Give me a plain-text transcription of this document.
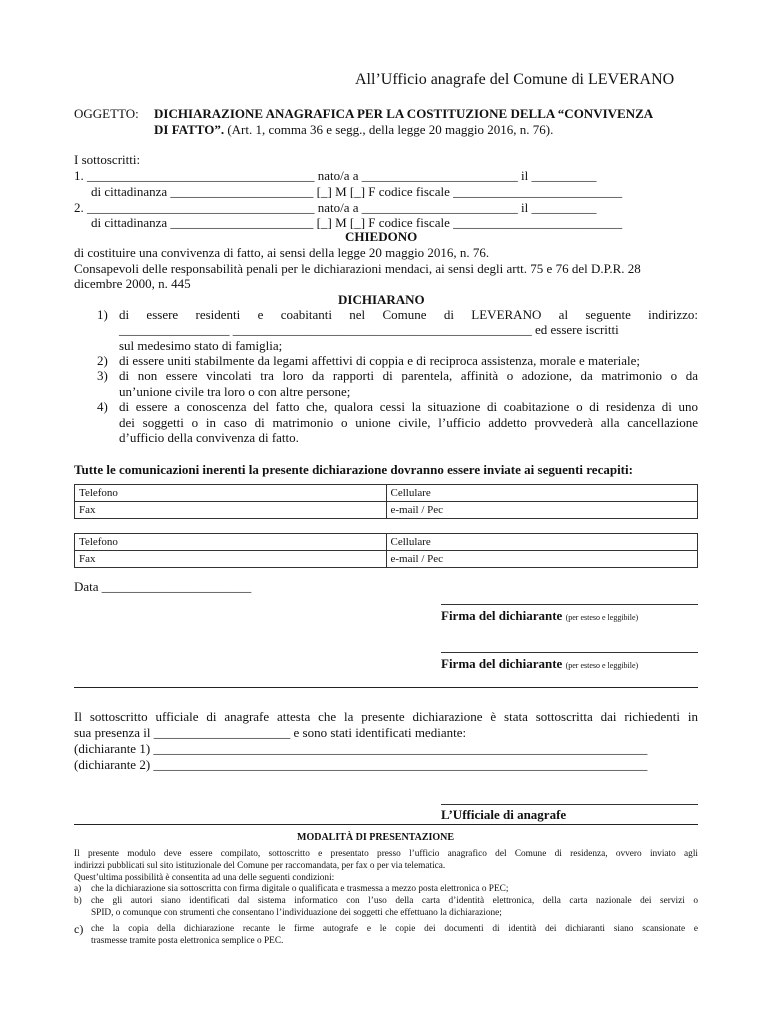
All’Ufficio anagrafe del Comune di LEVERANO
OGGETTO: DICHIARAZIONE ANAGRAFICA PER LA COSTITUZIONE DELLA “CONVIVENZA
DI FATTO”. (Art. 1, comma 36 e segg., della legge 20 maggio 2016, n. 76).
I sottoscritti:
1. ___________________________________ nato/a a ________________________ il __________
di cittadinanza ______________________ [_] M [_] F codice fiscale __________________________
2. ___________________________________ nato/a a ________________________ il __________
di cittadinanza ______________________ [_] M [_] F codice fiscale __________________________
CHIEDONO
di costituire una convivenza di fatto, ai sensi della legge 20 maggio 2016, n. 76.
Consapevoli delle responsabilità penali per le dichiarazioni mendaci, ai sensi degli artt. 75 e 76 del D.P.R. 28
dicembre 2000, n. 445
DICHIARANO
1) di essere residenti e coabitanti nel Comune di LEVERANO al seguente indirizzo:
_________________ ______________________________________________ ed essere iscritti
sul medesimo stato di famiglia;
2) di essere uniti stabilmente da legami affettivi di coppia e di reciproca assistenza, morale e materiale;
3) di non essere vincolati tra loro da rapporti di parentela, affinità o adozione, da matrimonio o da
un’unione civile tra loro o con altre persone;
4) di essere a conoscenza del fatto che, qualora cessi la situazione di coabitazione o di residenza di uno
dei soggetti o in caso di matrimonio o unione civile, l’ufficio addetto provvederà alla cancellazione
d’ufficio della convivenza di fatto.
Tutte le comunicazioni inerenti la presente dichiarazione dovranno essere inviate ai seguenti recapiti:
Telefono	Cellulare
Fax	e-mail / Pec
Telefono	Cellulare
Fax	e-mail / Pec
Data _______________________
Firma del dichiarante (per esteso e leggibile)
Firma del dichiarante (per esteso e leggibile)
Il sottoscritto ufficiale di anagrafe attesta che la presente dichiarazione è stata sottoscritta dai richiedenti in
sua presenza il _____________________ e sono stati identificati mediante:
(dichiarante 1) ____________________________________________________________________________
(dichiarante 2) ____________________________________________________________________________
L’Ufficiale di anagrafe
MODALITÀ DI PRESENTAZIONE
Il presente modulo deve essere compilato, sottoscritto e presentato presso l’ufficio anagrafico del Comune di residenza, ovvero inviato agli
indirizzi pubblicati sul sito istituzionale del Comune per raccomandata, per fax o per via telematica.
Quest’ultima possibilità è consentita ad una delle seguenti condizioni:
a) che la dichiarazione sia sottoscritta con firma digitale o qualificata e trasmessa a mezzo posta elettronica o PEC;
b) che gli autori siano identificati dal sistema informatico con l’uso della carta d’identità elettronica, della carta nazionale dei servizi o
SPID, o comunque con strumenti che consentano l’individuazione dei soggetti che effettuano la dichiarazione;
c) che la copia della dichiarazione recante le firme autografe e le copie dei documenti di identità dei dichiaranti siano scansionate e
trasmesse tramite posta elettronica semplice o PEC.
